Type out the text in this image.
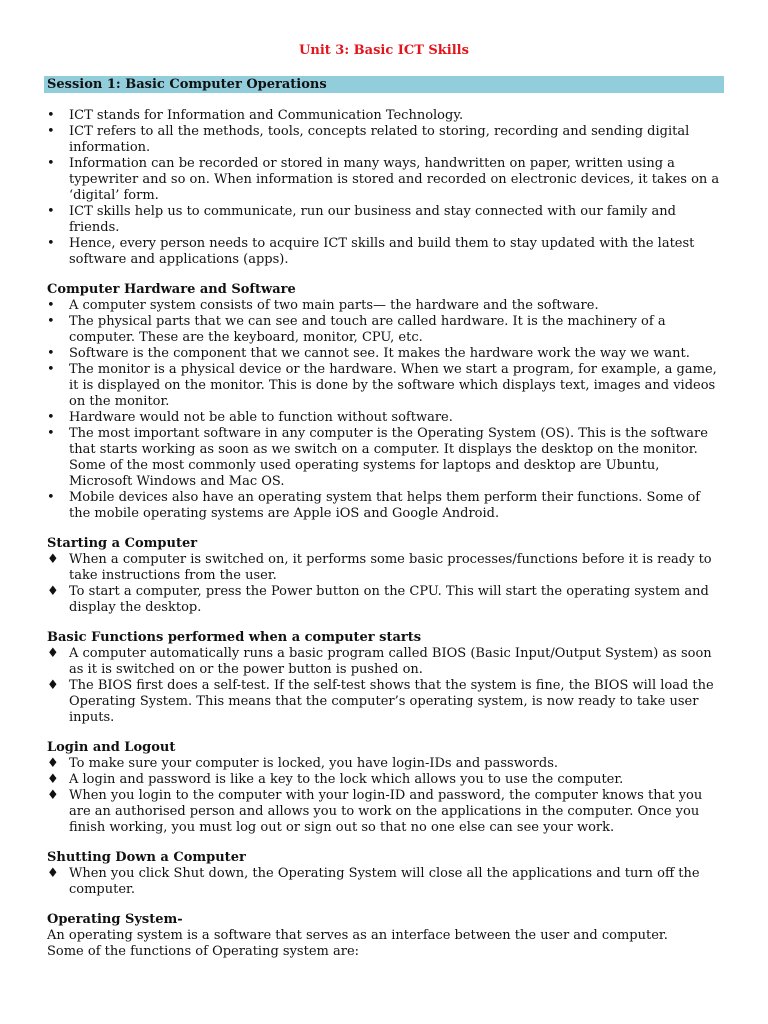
Unit 3: Basic ICT Skills
Session 1: Basic Computer Operations
•	ICT stands for Information and Communication Technology.
•	ICT refers to all the methods, tools, concepts related to storing, recording and sending digital information.
•	Information can be recorded or stored in many ways, handwritten on paper, written using a typewriter and so on. When information is stored and recorded on electronic devices, it takes on a ‘digital’ form.
•	ICT skills help us to communicate, run our business and stay connected with our family and friends.
•	Hence, every person needs to acquire ICT skills and build them to stay updated with the latest software and applications (apps).
Computer Hardware and Software
•	A computer system consists of two main parts— the hardware and the software.
•	The physical parts that we can see and touch are called hardware. It is the machinery of a computer. These are the keyboard, monitor, CPU, etc.
•	Software is the component that we cannot see. It makes the hardware work the way we want.
•	The monitor is a physical device or the hardware. When we start a program, for example, a game, it is displayed on the monitor. This is done by the software which displays text, images and videos on the monitor.
•	Hardware would not be able to function without software.
•	The most important software in any computer is the Operating System (OS). This is the software that starts working as soon as we switch on a computer. It displays the desktop on the monitor. Some of the most commonly used operating systems for laptops and desktop are Ubuntu, Microsoft Windows and Mac OS.
•	Mobile devices also have an operating system that helps them perform their functions. Some of the mobile operating systems are Apple iOS and Google Android.
Starting a Computer
♦ When a computer is switched on, it performs some basic processes/functions before it is ready to take instructions from the user.
♦ To start a computer, press the Power button on the CPU. This will start the operating system and display the desktop.
Basic Functions performed when a computer starts
♦ A computer automatically runs a basic program called BIOS (Basic Input/Output System) as soon as it is switched on or the power button is pushed on.
♦ The BIOS first does a self-test. If the self-test shows that the system is fine, the BIOS will load the Operating System. This means that the computer’s operating system, is now ready to take user inputs.
Login and Logout
♦ To make sure your computer is locked, you have login-IDs and passwords.
♦ A login and password is like a key to the lock which allows you to use the computer.
♦ When you login to the computer with your login-ID and password, the computer knows that you are an authorised person and allows you to work on the applications in the computer. Once you finish working, you must log out or sign out so that no one else can see your work.
Shutting Down a Computer
♦ When you click Shut down, the Operating System will close all the applications and turn off the computer.
Operating System-
An operating system is a software that serves as an interface between the user and computer.
Some of the functions of Operating system are:
